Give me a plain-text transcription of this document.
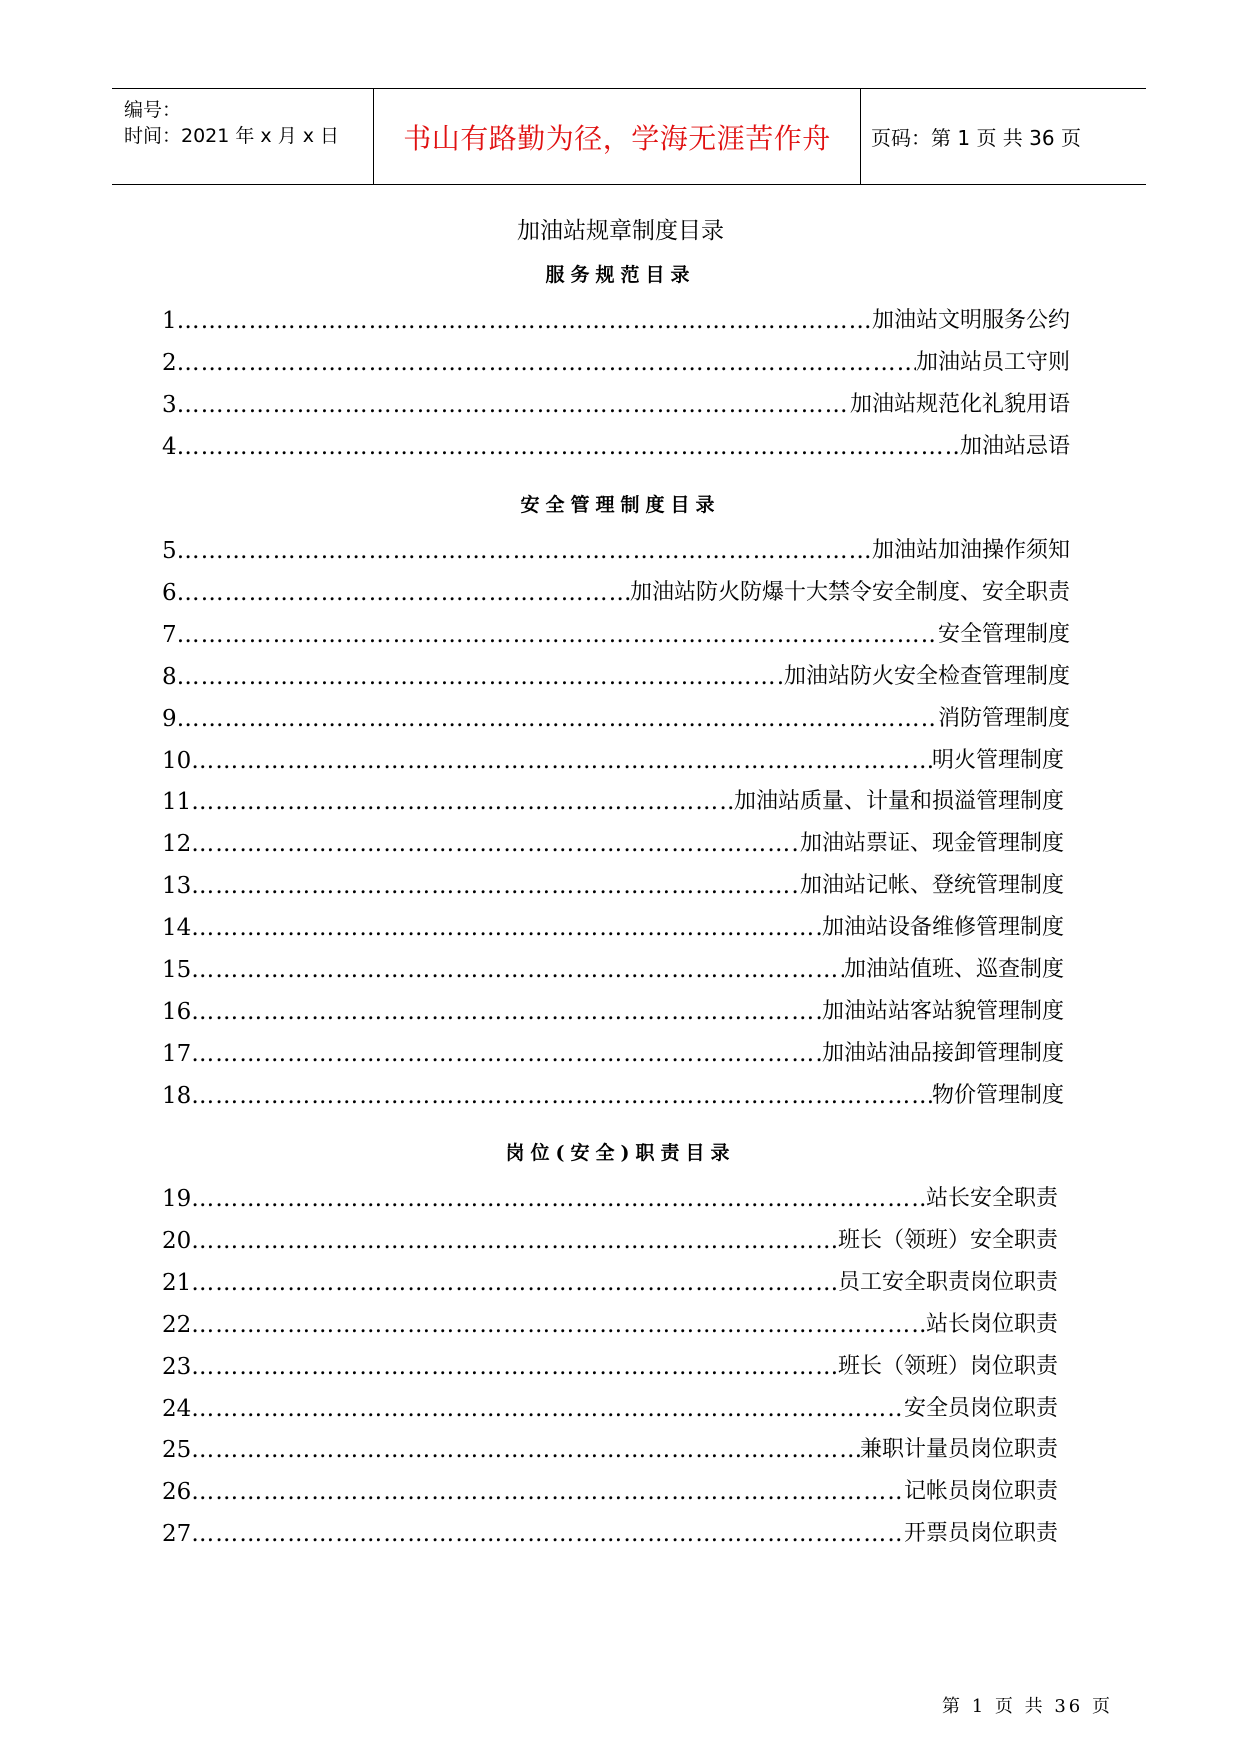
编号：
时间：2021 年 x 月 x 日 书山有路勤为径，学海无涯苦作舟 页码：第 1 页 共 36 页
加油站规章制度目录
服务规范目录
1 ……………………………………………………………………………………………………………………………………………………………………………………	加油站文明服务公约
2 ……………………………………………………………………………………………………………………………………………………………………………………	加油站员工守则
3 ……………………………………………………………………………………………………………………………………………………………………………………	加油站规范化礼貌用语
4 ……………………………………………………………………………………………………………………………………………………………………………………	加油站忌语
安全管理制度目录
5 ……………………………………………………………………………………………………………………………………………………………………………………	加油站加油操作须知
6 ……………………………………………………………………………………………………………………………………………………………………………………	加油站防火防爆十大禁令安全制度、安全职责
7 ……………………………………………………………………………………………………………………………………………………………………………………	安全管理制度
8 ……………………………………………………………………………………………………………………………………………………………………………………	加油站防火安全检查管理制度
9 ……………………………………………………………………………………………………………………………………………………………………………………	消防管理制度
10 ……………………………………………………………………………………………………………………………………………………………………………………	明火管理制度
11 ……………………………………………………………………………………………………………………………………………………………………………………	加油站质量、计量和损溢管理制度
12 ……………………………………………………………………………………………………………………………………………………………………………………	加油站票证、现金管理制度
13 ……………………………………………………………………………………………………………………………………………………………………………………	加油站记帐、登统管理制度
14 ……………………………………………………………………………………………………………………………………………………………………………………	加油站设备维修管理制度
15 ……………………………………………………………………………………………………………………………………………………………………………………	加油站值班、巡查制度
16 ……………………………………………………………………………………………………………………………………………………………………………………	加油站站客站貌管理制度
17 ……………………………………………………………………………………………………………………………………………………………………………………	加油站油品接卸管理制度
18 ……………………………………………………………………………………………………………………………………………………………………………………	物价管理制度
岗位(安全)职责目录
19 ……………………………………………………………………………………………………………………………………………………………………………………	站长安全职责
20 ……………………………………………………………………………………………………………………………………………………………………………………	班长（领班）安全职责
21 ……………………………………………………………………………………………………………………………………………………………………………………	员工安全职责岗位职责
22 ……………………………………………………………………………………………………………………………………………………………………………………	站长岗位职责
23 ……………………………………………………………………………………………………………………………………………………………………………………	班长（领班）岗位职责
24 ……………………………………………………………………………………………………………………………………………………………………………………	安全员岗位职责
25 ……………………………………………………………………………………………………………………………………………………………………………………	兼职计量员岗位职责
26 ……………………………………………………………………………………………………………………………………………………………………………………	记帐员岗位职责
27 ……………………………………………………………………………………………………………………………………………………………………………………	开票员岗位职责
第 1 页 共 36 页
